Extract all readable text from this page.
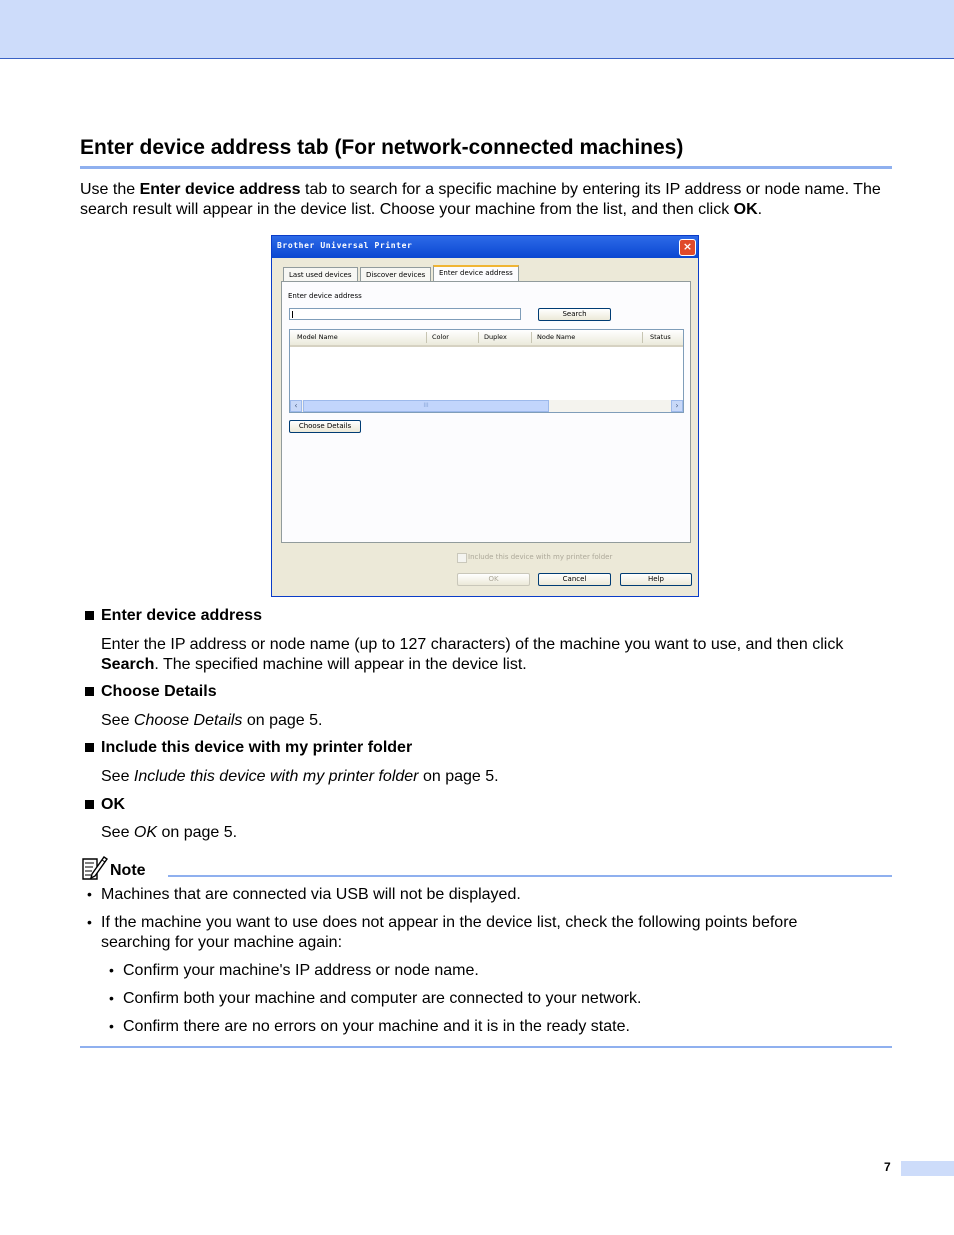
Enter device address tab (For network-connected machines)
Use the Enter device address tab to search for a specific machine by entering its IP address or node name. The search result will appear in the device list. Choose your machine from the list, and then click OK.
Brother Universal Printer	×
Last used devices	Discover devices	Enter device address
Enter device address
Search
Model Name	Color	Duplex	Node Name	Status
‹	III	›
Choose Details
Include this device with my printer folder
OK	Cancel	Help
Enter device address
Enter the IP address or node name (up to 127 characters) of the machine you want to use, and then click Search. The specified machine will appear in the device list.
Choose Details
See Choose Details on page 5.
Include this device with my printer folder
See Include this device with my printer folder on page 5.
OK
See OK on page 5.
Note
• Machines that are connected via USB will not be displayed.
• If the machine you want to use does not appear in the device list, check the following points before searching for your machine again:
• Confirm your machine's IP address or node name.
• Confirm both your machine and computer are connected to your network.
• Confirm there are no errors on your machine and it is in the ready state.
7
